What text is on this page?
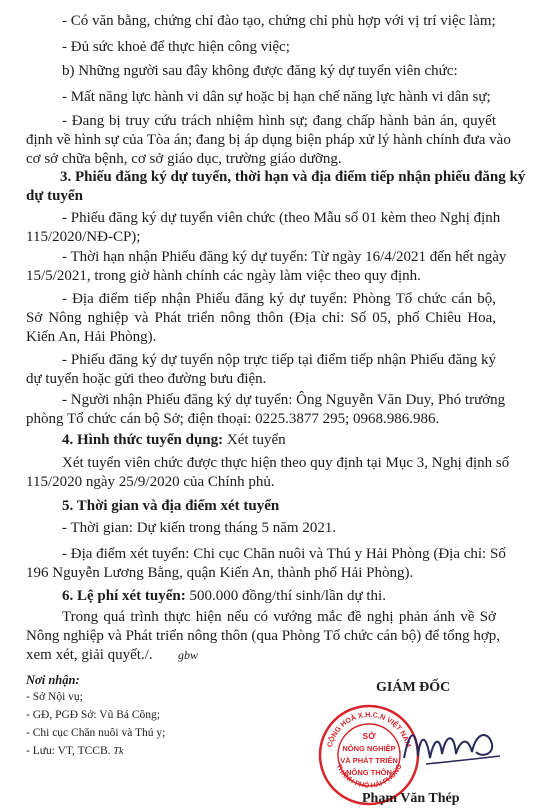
- Có văn bằng, chứng chỉ đào tạo, chứng chỉ phù hợp với vị trí việc làm;
- Đủ sức khoẻ để thực hiện công việc;
b) Những người sau đây không được đăng ký dự tuyển viên chức:
- Mất năng lực hành vi dân sự hoặc bị hạn chế năng lực hành vi dân sự;
- Đang bị truy cứu trách nhiệm hình sự; đang chấp hành bản án, quyết
định về hình sự của Tòa án; đang bị áp dụng biện pháp xử lý hành chính đưa vào
cơ sở chữa bệnh, cơ sở giáo dục, trường giáo dưỡng.
3. Phiếu đăng ký dự tuyển, thời hạn và địa điểm tiếp nhận phiếu đăng ký
dự tuyển
- Phiếu đăng ký dự tuyển viên chức (theo Mẫu số 01 kèm theo Nghị định
115/2020/NĐ-CP);
- Thời hạn nhận Phiếu đăng ký dự tuyển: Từ ngày 16/4/2021 đến hết ngày
15/5/2021, trong giờ hành chính các ngày làm việc theo quy định.
- Địa điểm tiếp nhận Phiếu đăng ký dự tuyển: Phòng Tổ chức cán bộ,
Sở Nông nghiệp và Phát triển nông thôn (Địa chỉ: Số 05, phố Chiêu Hoa,
Kiến An, Hải Phòng).
- Phiếu đăng ký dự tuyển nộp trực tiếp tại điểm tiếp nhận Phiếu đăng ký
dự tuyển hoặc gửi theo đường bưu điện.
- Người nhận Phiếu đăng ký dự tuyển: Ông Nguyễn Văn Duy, Phó trưởng
phòng Tổ chức cán bộ Sở; điện thoại: 0225.3877 295; 0968.986.986.
4. Hình thức tuyển dụng: Xét tuyển
Xét tuyển viên chức được thực hiện theo quy định tại Mục 3, Nghị định số
115/2020 ngày 25/9/2020 của Chính phủ.
5. Thời gian và địa điểm xét tuyển
- Thời gian: Dự kiến trong tháng 5 năm 2021.
- Địa điểm xét tuyển: Chi cục Chăn nuôi và Thú y Hải Phòng (Địa chỉ: Số
196 Nguyễn Lương Bằng, quận Kiến An, thành phố Hải Phòng).
6. Lệ phí xét tuyển: 500.000 đồng/thí sinh/lần dự thi.
Trong quá trình thực hiện nếu có vướng mắc đề nghị phản ánh về Sở
Nông nghiệp và Phát triển nông thôn (qua Phòng Tổ chức cán bộ) để tổng hợp,
xem xét, giải quyết./.	gbw
Nơi nhận:
- Sở Nội vụ;
- GĐ, PGĐ Sở: Vũ Bá Công;
- Chi cục Chăn nuôi và Thú y;
- Lưu: VT, TCCB. Tk
GIÁM ĐỐC
CỘNG HOÀ X.H.C.N VIỆT NAM
THÀNH PHỐ HẢI PHÒNG
SỞ
NÔNG NGHIỆP
VÀ PHÁT TRIỂN
NÔNG THÔN
Phạm Văn Thép
